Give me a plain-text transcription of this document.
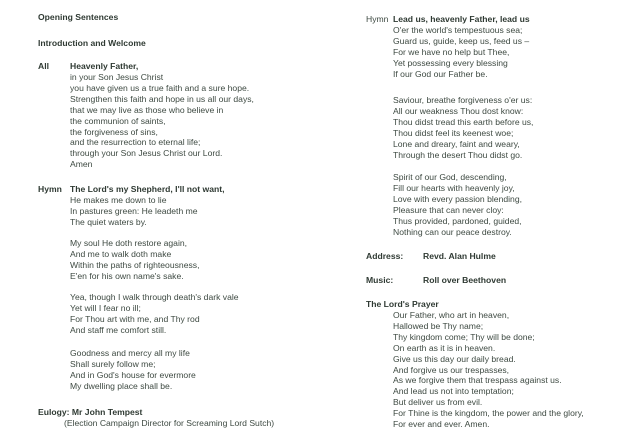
Opening Sentences
Introduction and Welcome
All Heavenly Father,
in your Son Jesus Christ
you have given us a true faith and a sure hope.
Strengthen this faith and hope in us all our days,
that we may live as those who believe in
the communion of saints,
the forgiveness of sins,
and the resurrection to eternal life;
through your Son Jesus Christ our Lord.
Amen
Hymn The Lord's my Shepherd, I'll not want,
He makes me down to lie
In pastures green: He leadeth me
The quiet waters by.
My soul He doth restore again,
And me to walk doth make
Within the paths of righteousness,
E'en for his own name's sake.
Yea, though I walk through death's dark vale
Yet will I fear no ill;
For Thou art with me, and Thy rod
And staff me comfort still.
Goodness and mercy all my life
Shall surely follow me;
And in God's house for evermore
My dwelling place shall be.
Eulogy: Mr John Tempest
(Election Campaign Director for Screaming Lord Sutch)
Hymn Lead us, heavenly Father, lead us
O'er the world's tempestuous sea;
Guard us, guide, keep us, feed us –
For we have no help but Thee,
Yet possessing every blessing
If our God our Father be.
Saviour, breathe forgiveness o'er us:
All our weakness Thou dost know:
Thou didst tread this earth before us,
Thou didst feel its keenest woe;
Lone and dreary, faint and weary,
Through the desert Thou didst go.
Spirit of our God, descending,
Fill our hearts with heavenly joy,
Love with every passion blending,
Pleasure that can never cloy:
Thus provided, pardoned, guided,
Nothing can our peace destroy.
Address: Revd. Alan Hulme
Music:	Roll over Beethoven
The Lord's Prayer
Our Father, who art in heaven,
Hallowed be Thy name;
Thy kingdom come; Thy will be done;
On earth as it is in heaven.
Give us this day our daily bread.
And forgive us our trespasses,
As we forgive them that trespass against us.
And lead us not into temptation;
But deliver us from evil.
For Thine is the kingdom, the power and the glory,
For ever and ever. Amen.
